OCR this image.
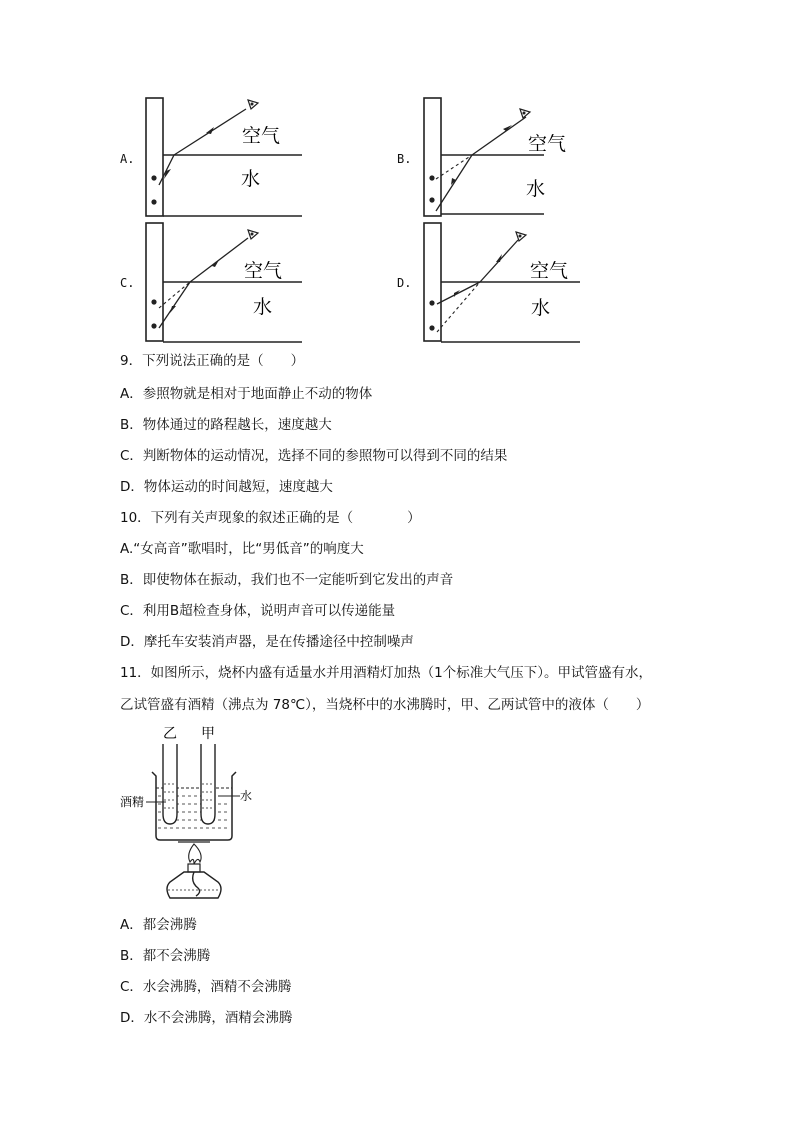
A.
空气
水
B.
空气
水
C.
空气
水
D.
空气
水
9．下列说法正确的是（　　）
A．参照物就是相对于地面静止不动的物体
B．物体通过的路程越长，速度越大
C．判断物体的运动情况，选择不同的参照物可以得到不同的结果
D．物体运动的时间越短，速度越大
10．下列有关声现象的叙述正确的是（　　　　）
A.“女高音”歌唱时，比“男低音”的响度大
B．即使物体在振动，我们也不一定能听到它发出的声音
C．利用B超检查身体，说明声音可以传递能量
D．摩托车安装消声器，是在传播途径中控制噪声
11．如图所示，烧杯内盛有适量水并用酒精灯加热（1个标准大气压下）。甲试管盛有水，
乙试管盛有酒精（沸点为 78℃），当烧杯中的水沸腾时，甲、乙两试管中的液体（　　）
乙 甲
酒精	水
A．都会沸腾
B．都不会沸腾
C．水会沸腾，酒精不会沸腾
D．水不会沸腾，酒精会沸腾
